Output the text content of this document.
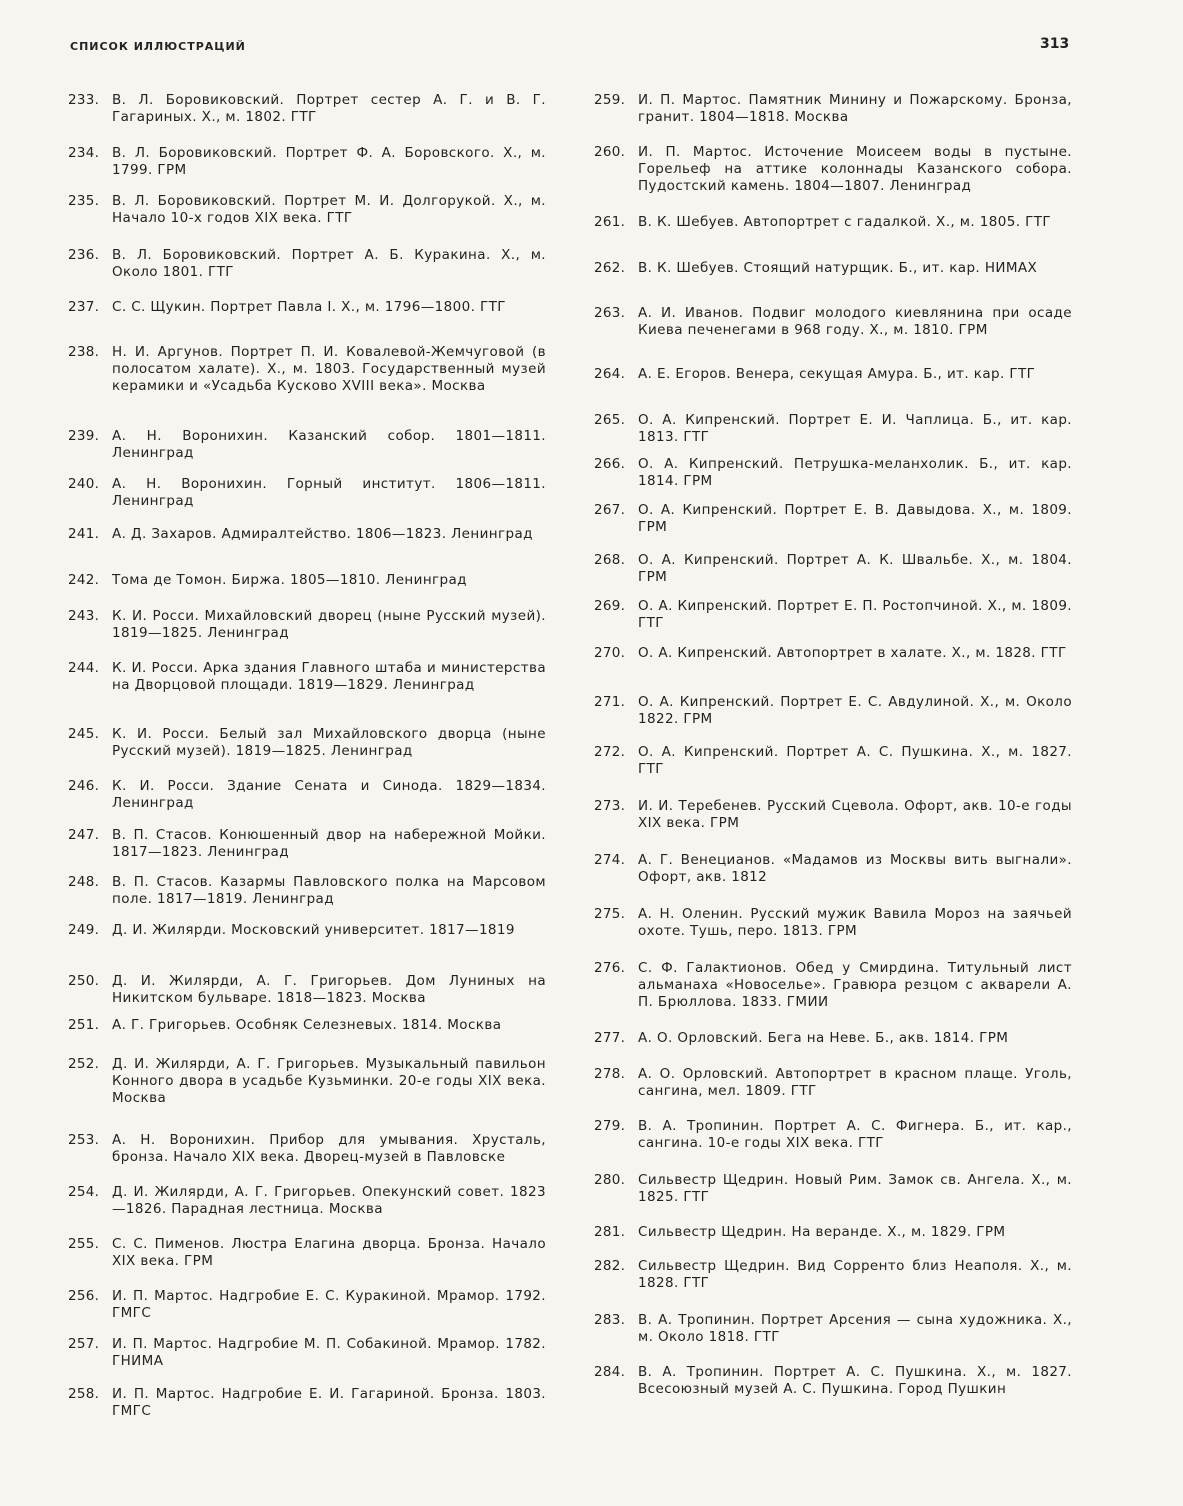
СПИСОК ИЛЛЮСТРАЦИЙ	313
233. В. Л. Боровиковский. Портрет сестер А. Г. и В. Г. Гагариных. Х., м. 1802. ГТГ
234. В. Л. Боровиковский. Портрет Ф. А. Боровского. Х., м. 1799. ГРМ
235. В. Л. Боровиковский. Портрет М. И. Долгорукой. Х., м. Начало 10-х годов XIX века. ГТГ
236. В. Л. Боровиковский. Портрет А. Б. Куракина. Х., м. Около 1801. ГТГ
237. С. С. Щукин. Портрет Павла I. Х., м. 1796—1800. ГТГ
238. Н. И. Аргунов. Портрет П. И. Ковалевой-Жемчуговой (в полосатом халате). Х., м. 1803. Государственный музей керамики и «Усадьба Кусково XVIII века». Москва
239. А. Н. Воронихин. Казанский собор. 1801—1811. Ленинград
240. А. Н. Воронихин. Горный институт. 1806—1811. Ленинград
241. А. Д. Захаров. Адмиралтейство. 1806—1823. Ленинград
242. Тома де Томон. Биржа. 1805—1810. Ленинград
243. К. И. Росси. Михайловский дворец (ныне Русский музей). 1819—1825. Ленинград
244. К. И. Росси. Арка здания Главного штаба и министерства на Дворцовой площади. 1819—1829. Ленинград
245. К. И. Росси. Белый зал Михайловского дворца (ныне Русский музей). 1819—1825. Ленинград
246. К. И. Росси. Здание Сената и Синода. 1829—1834. Ленинград
247. В. П. Стасов. Конюшенный двор на набережной Мойки. 1817—1823. Ленинград
248. В. П. Стасов. Казармы Павловского полка на Марсовом поле. 1817—1819. Ленинград
249. Д. И. Жилярди. Московский университет. 1817—1819
250. Д. И. Жилярди, А. Г. Григорьев. Дом Луниных на Никитском бульваре. 1818—1823. Москва
251. А. Г. Григорьев. Особняк Селезневых. 1814. Москва
252. Д. И. Жилярди, А. Г. Григорьев. Музыкальный павильон Конного двора в усадьбе Кузьминки. 20-е годы XIX века. Москва
253. А. Н. Воронихин. Прибор для умывания. Хрусталь, бронза. Начало XIX века. Дворец-музей в Павловске
254. Д. И. Жилярди, А. Г. Григорьев. Опекунский совет. 1823—1826. Парадная лестница. Москва
255. С. С. Пименов. Люстра Елагина дворца. Бронза. Начало XIX века. ГРМ
256. И. П. Мартос. Надгробие Е. С. Куракиной. Мрамор. 1792. ГМГС
257. И. П. Мартос. Надгробие М. П. Собакиной. Мрамор. 1782. ГНИМА
258. И. П. Мартос. Надгробие Е. И. Гагариной. Бронза. 1803. ГМГС
259. И. П. Мартос. Памятник Минину и Пожарскому. Бронза, гранит. 1804—1818. Москва
260. И. П. Мартос. Источение Моисеем воды в пустыне. Горельеф на аттике колоннады Казанского собора. Пудостский камень. 1804—1807. Ленинград
261. В. К. Шебуев. Автопортрет с гадалкой. Х., м. 1805. ГТГ
262. В. К. Шебуев. Стоящий натурщик. Б., ит. кар. НИМАХ
263. А. И. Иванов. Подвиг молодого киевлянина при осаде Киева печенегами в 968 году. Х., м. 1810. ГРМ
264. А. Е. Егоров. Венера, секущая Амура. Б., ит. кар. ГТГ
265. О. А. Кипренский. Портрет Е. И. Чаплица. Б., ит. кар. 1813. ГТГ
266. О. А. Кипренский. Петрушка-меланхолик. Б., ит. кар. 1814. ГРМ
267. О. А. Кипренский. Портрет Е. В. Давыдова. Х., м. 1809. ГРМ
268. О. А. Кипренский. Портрет А. К. Швальбе. Х., м. 1804. ГРМ
269. О. А. Кипренский. Портрет Е. П. Ростопчиной. Х., м. 1809. ГТГ
270. О. А. Кипренский. Автопортрет в халате. Х., м. 1828. ГТГ
271. О. А. Кипренский. Портрет Е. С. Авдулиной. Х., м. Около 1822. ГРМ
272. О. А. Кипренский. Портрет А. С. Пушкина. Х., м. 1827. ГТГ
273. И. И. Теребенев. Русский Сцевола. Офорт, акв. 10-е годы XIX века. ГРМ
274. А. Г. Венецианов. «Мадамов из Москвы вить выгнали». Офорт, акв. 1812
275. А. Н. Оленин. Русский мужик Вавила Мороз на заячьей охоте. Тушь, перо. 1813. ГРМ
276. С. Ф. Галактионов. Обед у Смирдина. Титульный лист альманаха «Новоселье». Гравюра резцом с акварели А. П. Брюллова. 1833. ГМИИ
277. А. О. Орловский. Бега на Неве. Б., акв. 1814. ГРМ
278. А. О. Орловский. Автопортрет в красном плаще. Уголь, сангина, мел. 1809. ГТГ
279. В. А. Тропинин. Портрет А. С. Фигнера. Б., ит. кар., сангина. 10-е годы XIX века. ГТГ
280. Сильвестр Щедрин. Новый Рим. Замок св. Ангела. Х., м. 1825. ГТГ
281. Сильвестр Щедрин. На веранде. Х., м. 1829. ГРМ
282. Сильвестр Щедрин. Вид Сорренто близ Неаполя. Х., м. 1828. ГТГ
283. В. А. Тропинин. Портрет Арсения — сына художника. Х., м. Около 1818. ГТГ
284. В. А. Тропинин. Портрет А. С. Пушкина. Х., м. 1827. Всесоюзный музей А. С. Пушкина. Город Пушкин
